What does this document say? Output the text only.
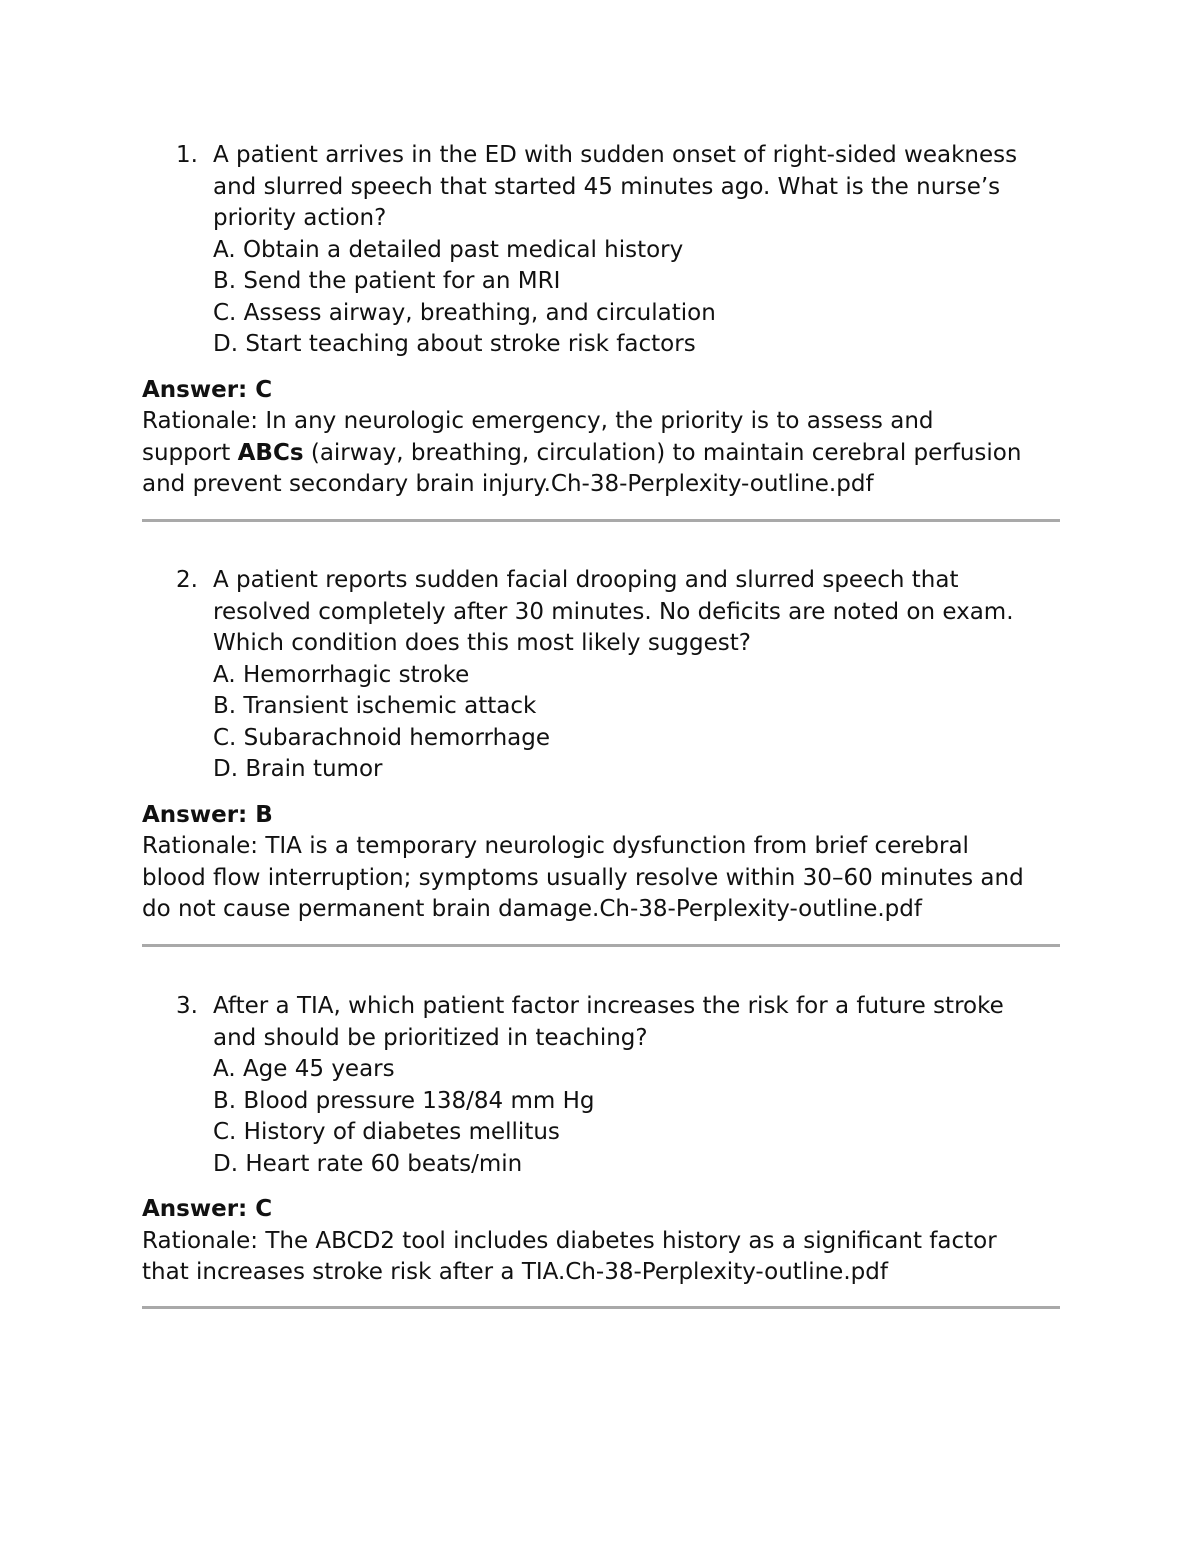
1. A patient arrives in the ED with sudden onset of right-sided weakness
and slurred speech that started 45 minutes ago. What is the nurse’s
priority action?
A. Obtain a detailed past medical history
B. Send the patient for an MRI
C. Assess airway, breathing, and circulation
D. Start teaching about stroke risk factors
Answer: C
Rationale: In any neurologic emergency, the priority is to assess and
support ABCs (airway, breathing, circulation) to maintain cerebral perfusion
and prevent secondary brain injury.Ch-38-Perplexity-outline.pdf
2. A patient reports sudden facial drooping and slurred speech that
resolved completely after 30 minutes. No deficits are noted on exam.
Which condition does this most likely suggest?
A. Hemorrhagic stroke
B. Transient ischemic attack
C. Subarachnoid hemorrhage
D. Brain tumor
Answer: B
Rationale: TIA is a temporary neurologic dysfunction from brief cerebral
blood flow interruption; symptoms usually resolve within 30–60 minutes and
do not cause permanent brain damage.Ch-38-Perplexity-outline.pdf
3. After a TIA, which patient factor increases the risk for a future stroke
and should be prioritized in teaching?
A. Age 45 years
B. Blood pressure 138/84 mm Hg
C. History of diabetes mellitus
D. Heart rate 60 beats/min
Answer: C
Rationale: The ABCD2 tool includes diabetes history as a significant factor
that increases stroke risk after a TIA.Ch-38-Perplexity-outline.pdf
